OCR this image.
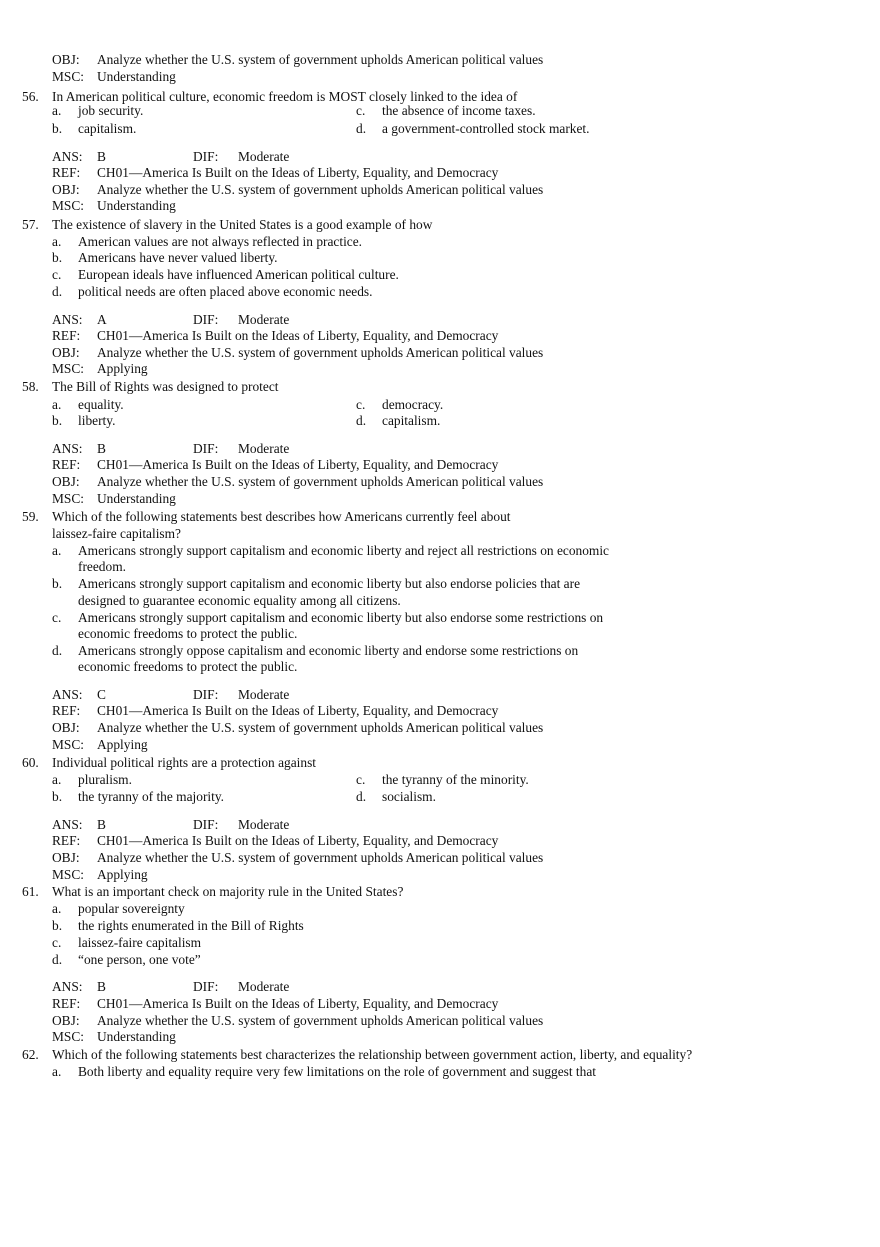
OBJ: Analyze whether the U.S. system of government upholds American political values
MSC: Understanding
56. In American political culture, economic freedom is MOST closely linked to the idea of
a. job security.	c. the absence of income taxes.
b. capitalism.	d. a government-controlled stock market.
ANS: B	DIF: Moderate
REF: CH01—America Is Built on the Ideas of Liberty, Equality, and Democracy
OBJ: Analyze whether the U.S. system of government upholds American political values
MSC: Understanding
57. The existence of slavery in the United States is a good example of how
a. American values are not always reflected in practice.
b. Americans have never valued liberty.
c. European ideals have influenced American political culture.
d. political needs are often placed above economic needs.
ANS: A	DIF: Moderate
REF: CH01—America Is Built on the Ideas of Liberty, Equality, and Democracy
OBJ: Analyze whether the U.S. system of government upholds American political values
MSC: Applying
58. The Bill of Rights was designed to protect
a. equality.	c. democracy.
b. liberty.	d. capitalism.
ANS: B	DIF: Moderate
REF: CH01—America Is Built on the Ideas of Liberty, Equality, and Democracy
OBJ: Analyze whether the U.S. system of government upholds American political values
MSC: Understanding
59. Which of the following statements best describes how Americans currently feel about
laissez-faire capitalism?
a. Americans strongly support capitalism and economic liberty and reject all restrictions on economic
freedom.
b. Americans strongly support capitalism and economic liberty but also endorse policies that are
designed to guarantee economic equality among all citizens.
c. Americans strongly support capitalism and economic liberty but also endorse some restrictions on
economic freedoms to protect the public.
d. Americans strongly oppose capitalism and economic liberty and endorse some restrictions on
economic freedoms to protect the public.
ANS: C	DIF: Moderate
REF: CH01—America Is Built on the Ideas of Liberty, Equality, and Democracy
OBJ: Analyze whether the U.S. system of government upholds American political values
MSC: Applying
60. Individual political rights are a protection against
a. pluralism.	c. the tyranny of the minority.
b. the tyranny of the majority.	d. socialism.
ANS: B	DIF: Moderate
REF: CH01—America Is Built on the Ideas of Liberty, Equality, and Democracy
OBJ: Analyze whether the U.S. system of government upholds American political values
MSC: Applying
61. What is an important check on majority rule in the United States?
a. popular sovereignty
b. the rights enumerated in the Bill of Rights
c. laissez-faire capitalism
d. “one person, one vote”
ANS: B	DIF: Moderate
REF: CH01—America Is Built on the Ideas of Liberty, Equality, and Democracy
OBJ: Analyze whether the U.S. system of government upholds American political values
MSC: Understanding
62. Which of the following statements best characterizes the relationship between government action, liberty, and equality?
a. Both liberty and equality require very few limitations on the role of government and suggest that
